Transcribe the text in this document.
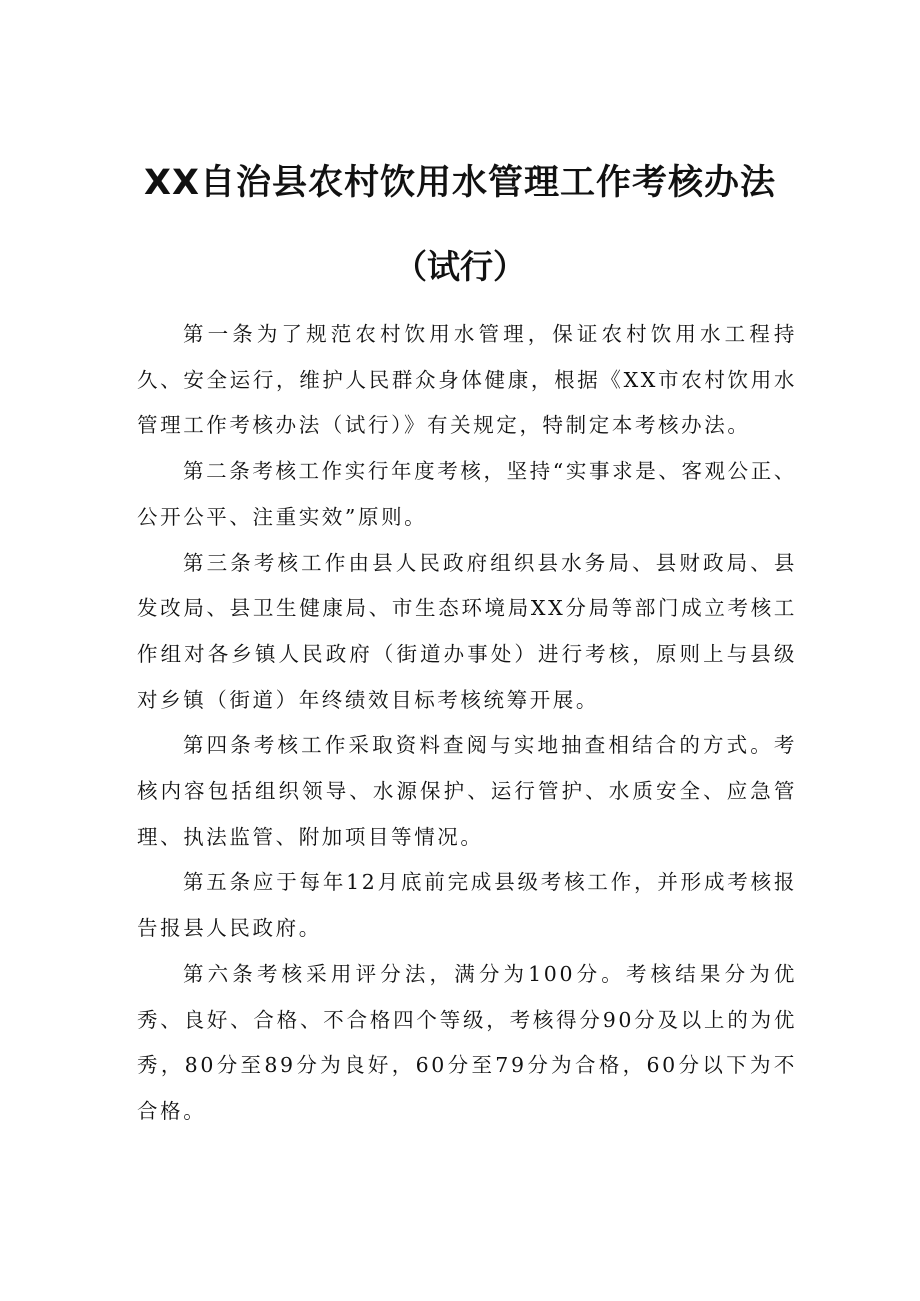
XX自治县农村饮用水管理工作考核办法
（试行）

第一条为了规范农村饮用水管理，保证农村饮用水工程持久、安全运行，维护人民群众身体健康，根据《XX市农村饮用水管理工作考核办法（试行）》有关规定，特制定本考核办法。

第二条考核工作实行年度考核，坚持“实事求是、客观公正、公开公平、注重实效”原则。

第三条考核工作由县人民政府组织县水务局、县财政局、县发改局、县卫生健康局、市生态环境局XX分局等部门成立考核工作组对各乡镇人民政府（街道办事处）进行考核，原则上与县级对乡镇（街道）年终绩效目标考核统筹开展。

第四条考核工作采取资料查阅与实地抽查相结合的方式。考核内容包括组织领导、水源保护、运行管护、水质安全、应急管理、执法监管、附加项目等情况。

第五条应于每年12月底前完成县级考核工作，并形成考核报告报县人民政府。

第六条考核采用评分法，满分为100分。考核结果分为优秀、良好、合格、不合格四个等级，考核得分90分及以上的为优秀，80分至89分为良好，60分至79分为合格，60分以下为不合格。
